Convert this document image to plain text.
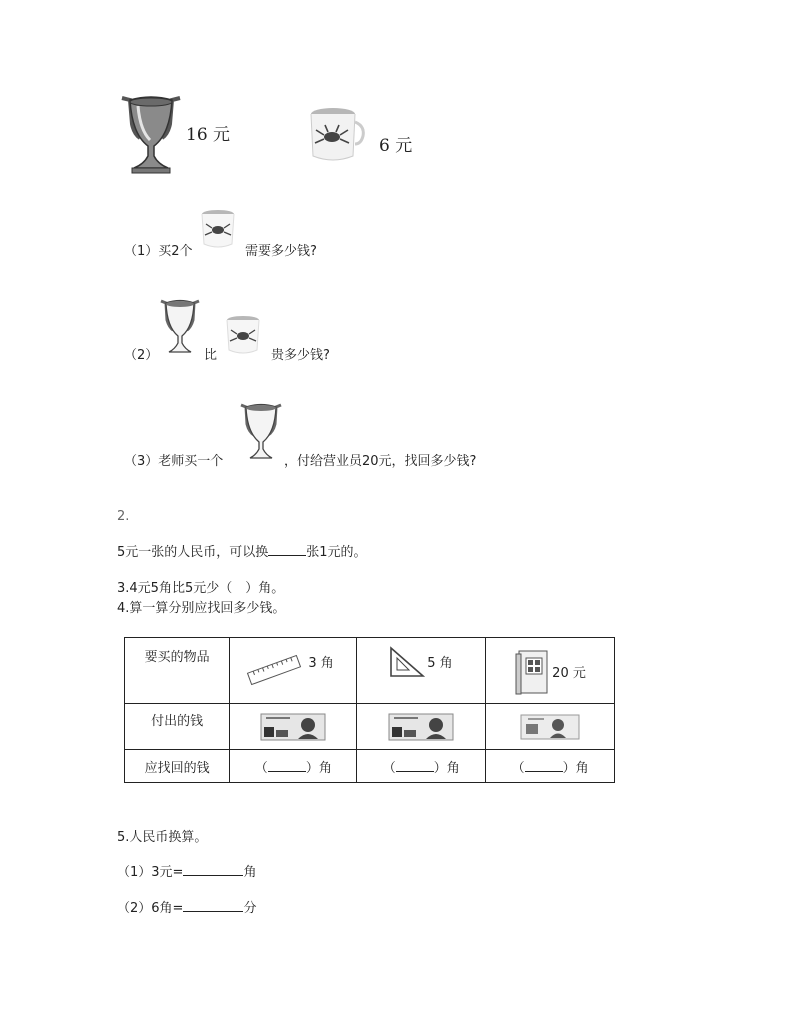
16 元
6 元
（1）买2个	需要多少钱?
（2）	比	贵多少钱?
（3）老师买一个	，付给营业员20元，找回多少钱?
2.
5元一张的人民币，可以换	张1元的。
3.4元5角比5元少（　）角。
4.算一算分别应找回多少钱。
要买的物品	3 角	5 角	20 元

付出的钱			
应找回的钱	（ ）角	（ ）角	（ ）角
5.人民币换算。
（1）3元=	角
（2）6角=	分
